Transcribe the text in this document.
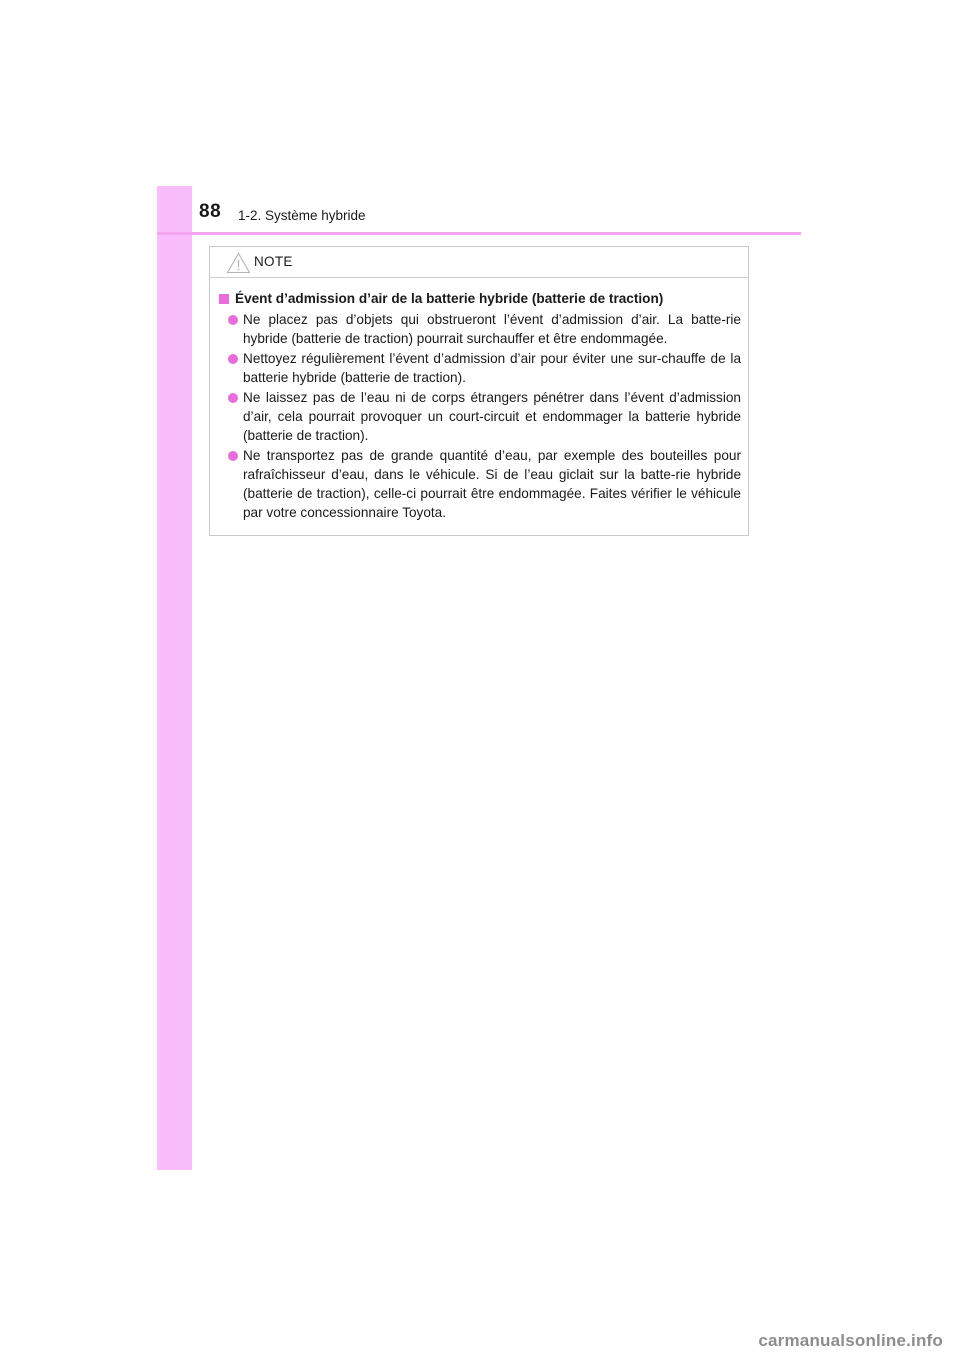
88 1-2. Système hybride
NOTE
Évent d’admission d’air de la batterie hybride (batterie de traction)
Ne placez pas d’objets qui obstrueront l’évent d’admission d’air. La batte-rie hybride (batterie de traction) pourrait surchauffer et être endommagée.
Nettoyez régulièrement l’évent d’admission d’air pour éviter une sur-chauffe de la batterie hybride (batterie de traction).
Ne laissez pas de l’eau ni de corps étrangers pénétrer dans l’évent d’admission d’air, cela pourrait provoquer un court-circuit et endommager la batterie hybride (batterie de traction).
Ne transportez pas de grande quantité d’eau, par exemple des bouteilles pour rafraîchisseur d’eau, dans le véhicule. Si de l’eau giclait sur la batte-rie hybride (batterie de traction), celle-ci pourrait être endommagée. Faites vérifier le véhicule par votre concessionnaire Toyota.
carmanualsonline.info
